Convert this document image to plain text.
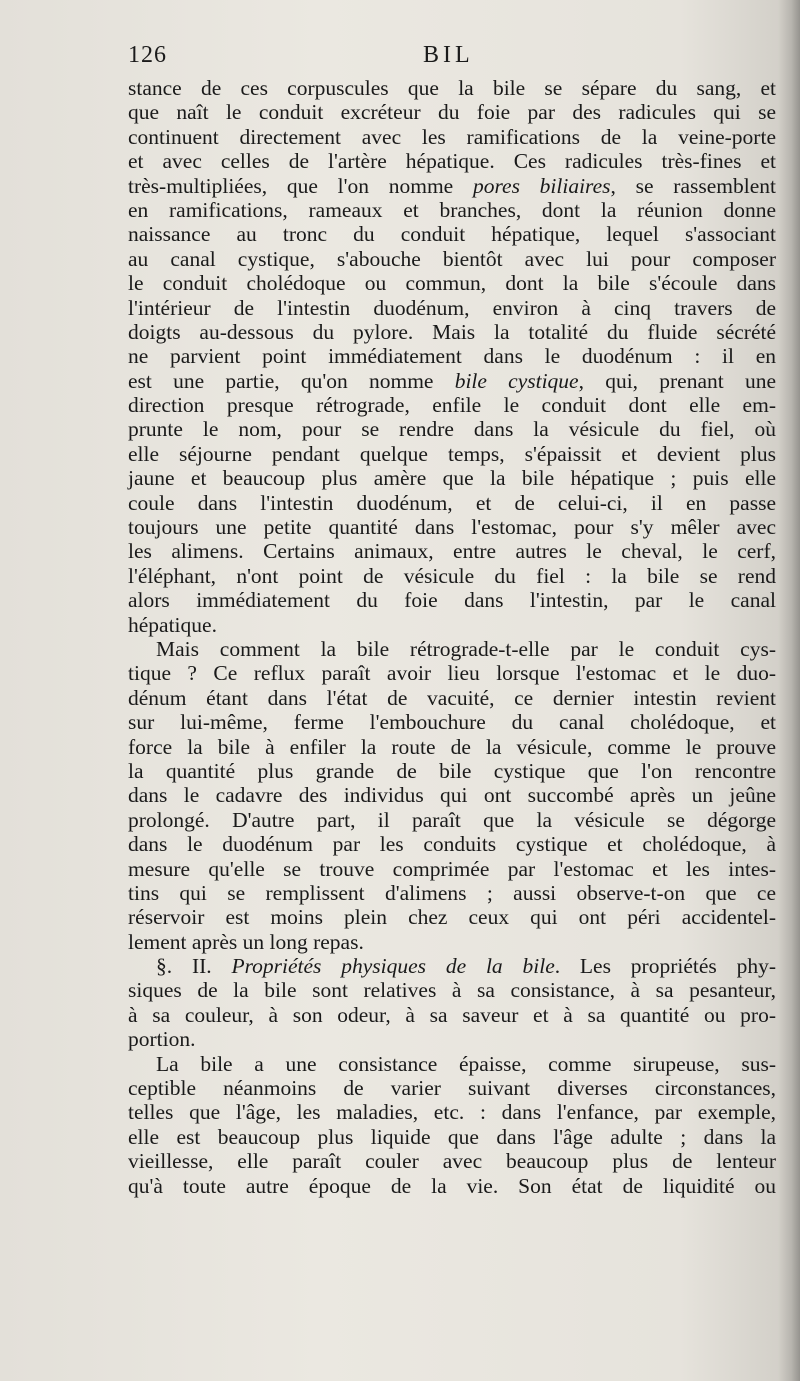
126	BIL
stance de ces corpuscules que la bile se sépare du sang, et
que naît le conduit excréteur du foie par des radicules qui se
continuent directement avec les ramifications de la veine-porte
et avec celles de l'artère hépatique. Ces radicules très-fines et
très-multipliées, que l'on nomme pores biliaires, se rassemblent
en ramifications, rameaux et branches, dont la réunion donne
naissance au tronc du conduit hépatique, lequel s'associant
au canal cystique, s'abouche bientôt avec lui pour composer
le conduit cholédoque ou commun, dont la bile s'écoule dans
l'intérieur de l'intestin duodénum, environ à cinq travers de
doigts au-dessous du pylore. Mais la totalité du fluide sécrété
ne parvient point immédiatement dans le duodénum : il en
est une partie, qu'on nomme bile cystique, qui, prenant une
direction presque rétrograde, enfile le conduit dont elle em-
prunte le nom, pour se rendre dans la vésicule du fiel, où
elle séjourne pendant quelque temps, s'épaissit et devient plus
jaune et beaucoup plus amère que la bile hépatique ; puis elle
coule dans l'intestin duodénum, et de celui-ci, il en passe
toujours une petite quantité dans l'estomac, pour s'y mêler avec
les alimens. Certains animaux, entre autres le cheval, le cerf,
l'éléphant, n'ont point de vésicule du fiel : la bile se rend
alors immédiatement du foie dans l'intestin, par le canal
hépatique.
Mais comment la bile rétrograde-t-elle par le conduit cys-
tique ? Ce reflux paraît avoir lieu lorsque l'estomac et le duo-
dénum étant dans l'état de vacuité, ce dernier intestin revient
sur lui-même, ferme l'embouchure du canal cholédoque, et
force la bile à enfiler la route de la vésicule, comme le prouve
la quantité plus grande de bile cystique que l'on rencontre
dans le cadavre des individus qui ont succombé après un jeûne
prolongé. D'autre part, il paraît que la vésicule se dégorge
dans le duodénum par les conduits cystique et cholédoque, à
mesure qu'elle se trouve comprimée par l'estomac et les intes-
tins qui se remplissent d'alimens ; aussi observe-t-on que ce
réservoir est moins plein chez ceux qui ont péri accidentel-
lement après un long repas.
§. II. Propriétés physiques de la bile. Les propriétés phy-
siques de la bile sont relatives à sa consistance, à sa pesanteur,
à sa couleur, à son odeur, à sa saveur et à sa quantité ou pro-
portion.
La bile a une consistance épaisse, comme sirupeuse, sus-
ceptible néanmoins de varier suivant diverses circonstances,
telles que l'âge, les maladies, etc. : dans l'enfance, par exemple,
elle est beaucoup plus liquide que dans l'âge adulte ; dans la
vieillesse, elle paraît couler avec beaucoup plus de lenteur
qu'à toute autre époque de la vie. Son état de liquidité ou
